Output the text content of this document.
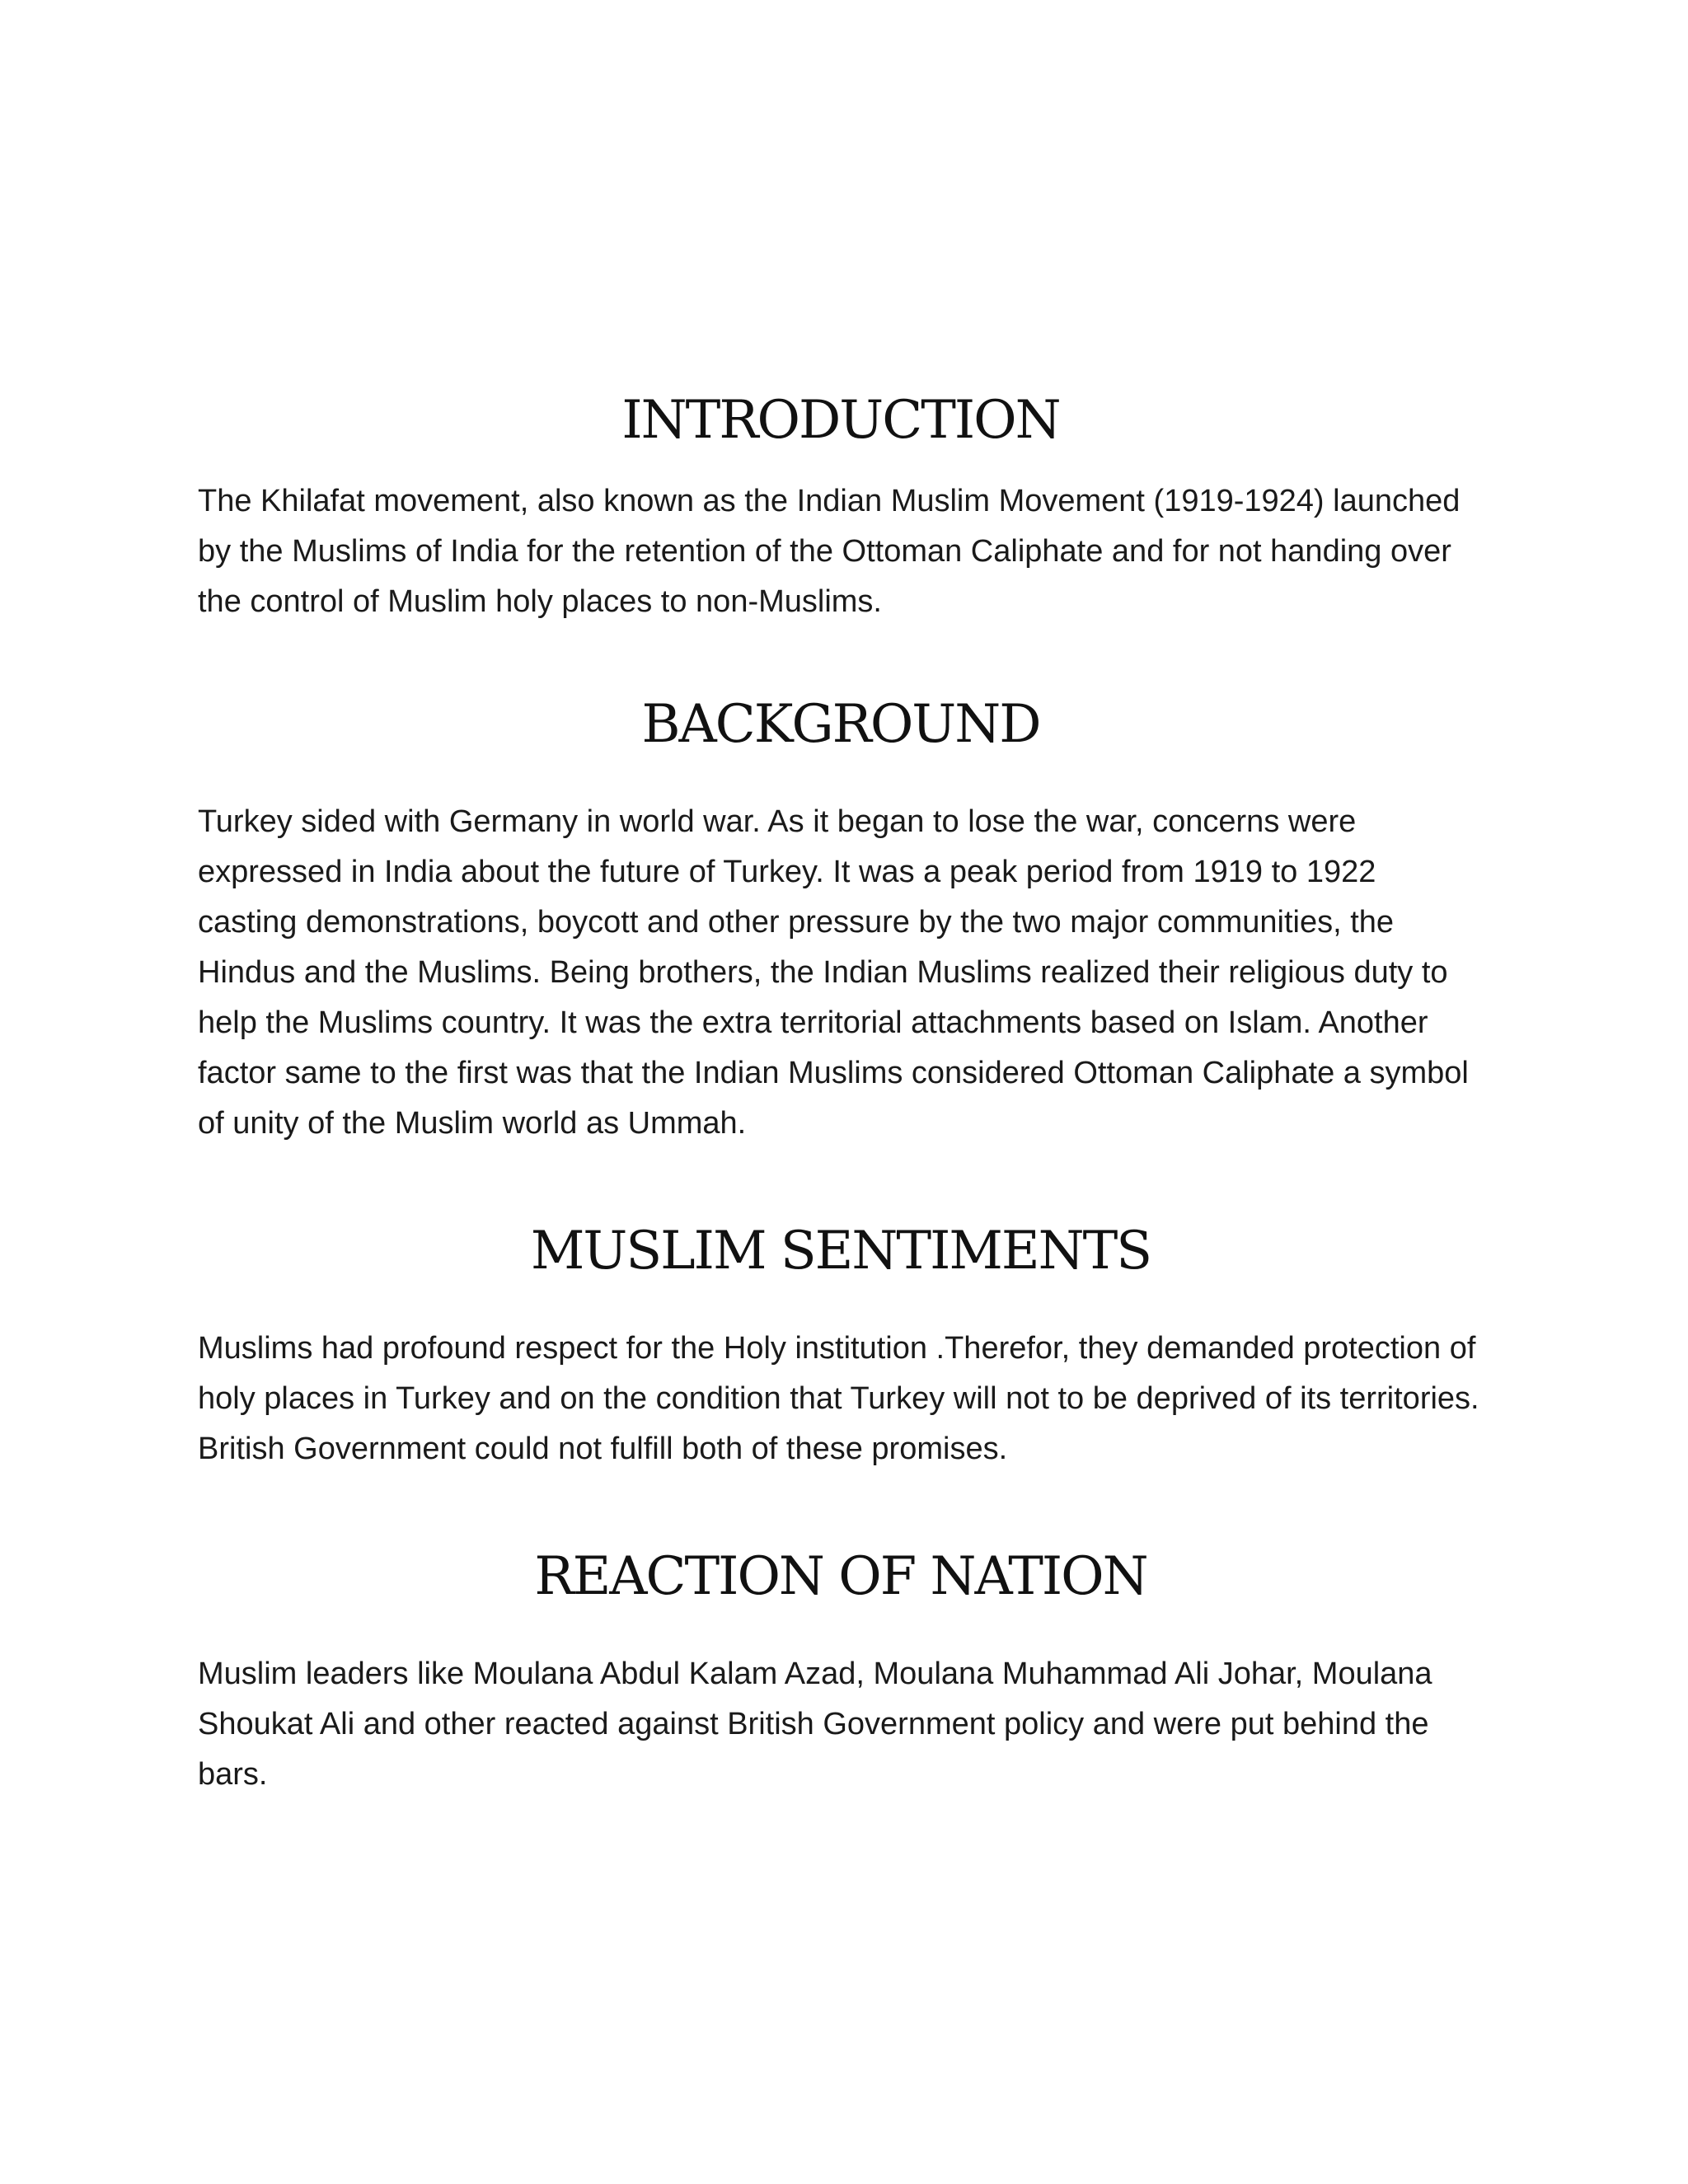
INTRODUCTION

The Khilafat movement, also known as the Indian Muslim Movement (1919-1924) launched by the Muslims of India for the retention of the Ottoman Caliphate and for not handing over the control of Muslim holy places to non-Muslims.

BACKGROUND

Turkey sided with Germany in world war. As it began to lose the war, concerns were expressed in India about the future of Turkey. It was a peak period from 1919 to 1922 casting demonstrations, boycott and other pressure by the two major communities, the Hindus and the Muslims. Being brothers, the Indian Muslims realized their religious duty to help the Muslims country. It was the extra territorial attachments based on Islam. Another factor same to the first was that the Indian Muslims considered Ottoman Caliphate a symbol of unity of the Muslim world as Ummah.

MUSLIM SENTIMENTS

Muslims had profound respect for the Holy institution .Therefor, they demanded protection of holy places in Turkey and on the condition that Turkey will not to be deprived of its territories. British Government could not fulfill both of these promises.

REACTION OF NATION

Muslim leaders like Moulana Abdul Kalam Azad, Moulana Muhammad Ali Johar, Moulana Shoukat Ali and other reacted against British Government policy and were put behind the bars.
